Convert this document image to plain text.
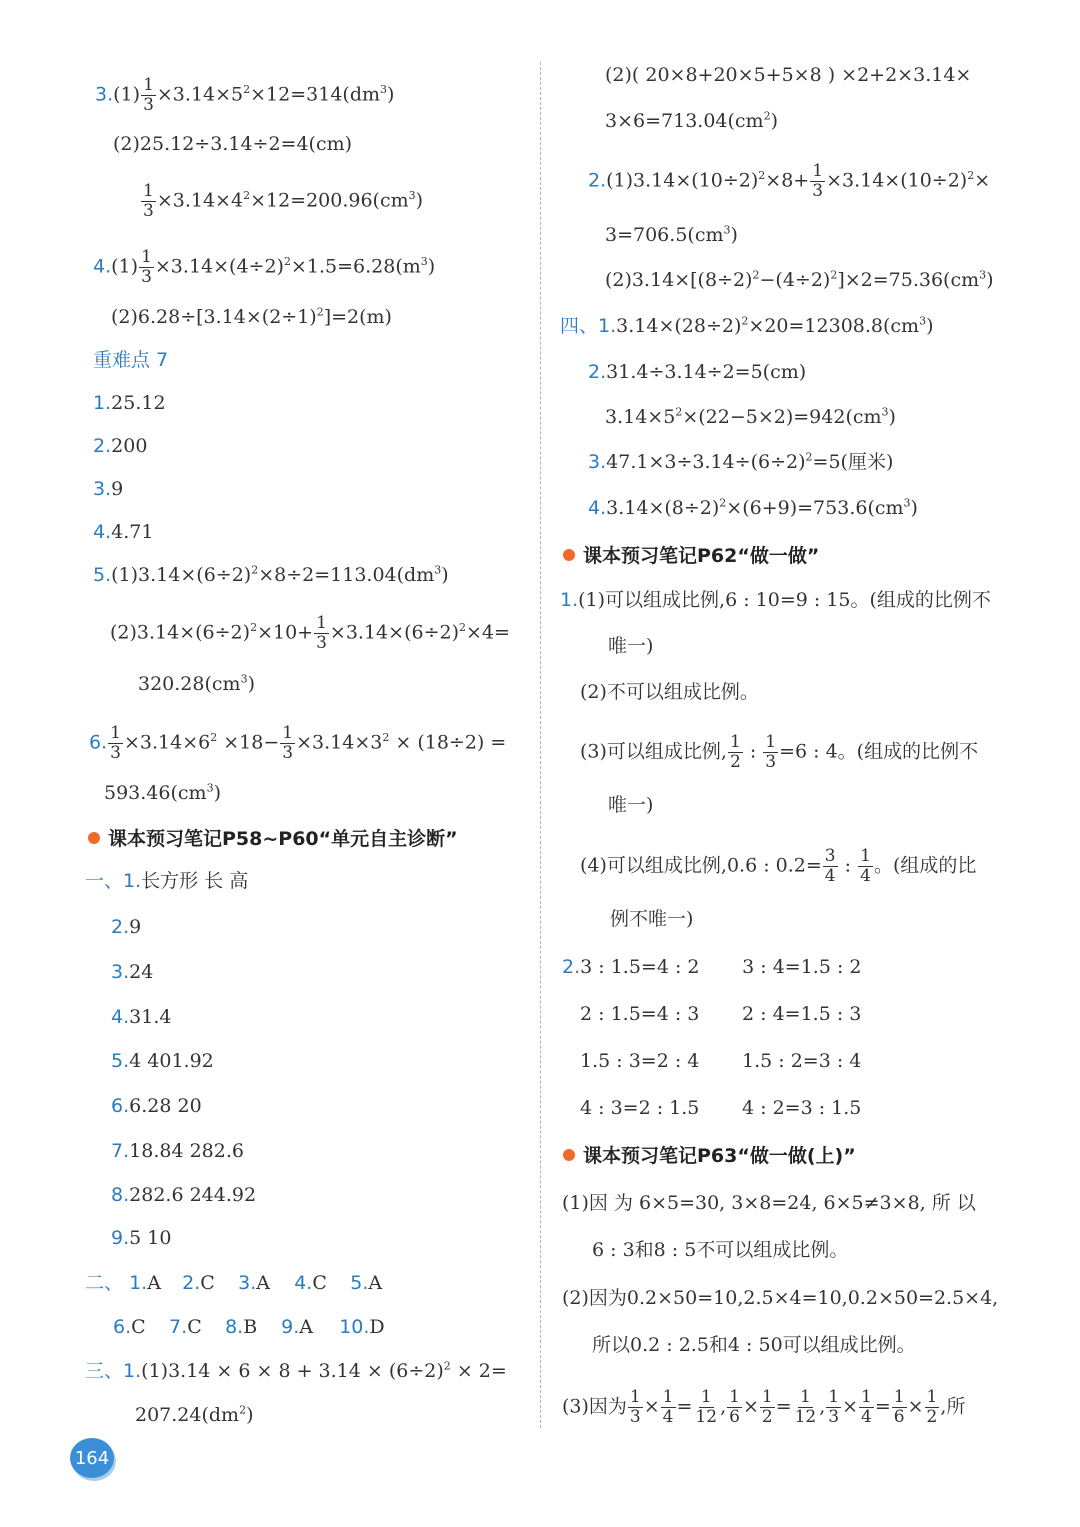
$3.(1) \frac{1}{3} \times 3.14\times 5^2\times 12=314(dm^3)$
(2)25.12÷3.14÷2=4(cm)
$\frac{1}{3} \times 3.14\times 4^2\times 12=200.96(cm^3)$
$4.(1) \frac{1}{3} \times 3.14\times(4\div 2)^2\times 1.5=6.28(m^3)$
$(2)6.28\div[3.14\times(2\div 1)^2]=2(m)$
重难点 7
1.25.12
2.200
3.9
4.4.71
$5.(1)3.14\times(6\div 2)^2\times 8\div 2=113.04(dm^3)$
$(2)3.14\times(6\div 2)^2\times 10+ \frac{1}{3} \times 3.14\times(6\div 2)^2\times 4=$
$320.28(cm^3)$
6. $\frac{1}{3} \times 3.14\times 6^2 \times 18- \frac{1}{3} \times 3.14\times 3^2 \times (18\div 2)$ =
$593.46(cm^3)$
课本预习笔记P58~P60“单元自主诊断”
一、1.长方形 长 高
2.9
3.24
4.31.4
5.4 401.92
6.6.28 20
7.18.84 282.6
8.282.6 244.92
9.5 10
二、 1.A 2.C 3.A 4.C 5.A
6.C 7.C 8.B 9.A 10.D
三、$1.(1)3.14 \times 6 \times 8 + 3.14 \times (6\div 2)^2 \times 2=$
$207.24(dm^2)$
164
(2)( 20×8+20×5+5×8 ) ×2+2×3.14×
$3\times 6=713.04(cm^2)$
$2.(1)3.14\times(10\div 2)^2\times 8+ \frac{1}{3} \times 3.14\times(10\div 2)^2\times$
$3=706.5(cm^3)$
$(2)3.14\times[(8\div 2)^2-(4\div 2)^2]\times 2=75.36(cm^3)$
四、$1.3.14\times(28\div 2)^2\times 20=12308.8(cm^3)$
2.31.4÷3.14÷2=5(cm)
$3.14\times 5^2\times(22-5\times 2)=942(cm^3)$
$3.47.1\times 3\div 3.14\div(6\div 2)^2=5$(厘米)
$4.3.14\times(8\div 2)^2\times(6+9)=753.6(cm^3)$
课本预习笔记P62“做一做”
1.(1)可以组成比例,6 : 10=9 : 15。(组成的比例不
唯一)
(2)不可以组成比例。
(3)可以组成比例, $\frac{1}{2}$ : $\frac{1}{3} =6$ : 4。(组成的比例不
唯一)
(4)可以组成比例,0.6 : $0.2= \frac{3}{4}$ : $\frac{1}{4}$ 。(组成的比
例不唯一)
2.3 : 1.5=4 : 2 3 : 4=1.5 : 2
2 : 1.5=4 : 3 2 : 4=1.5 : 3
1.5 : 3=2 : 4 1.5 : 2=3 : 4
4 : 3=2 : 1.5 4 : 2=3 : 1.5
课本预习笔记P63“做一做(上)”
(1)因 为 6×5=30, 3×8=24, 6×5≠3×8, 所 以
6 : 3和8 : 5不可以组成比例。
(2)因为0.2×50=10,2.5×4=10,0.2×50=2.5×4,
所以0.2 : 2.5和4 : 50可以组成比例。
(3)因为 $\frac{1}{3} \times \frac{1}{4} = \frac{1}{12}$ , $\frac{1}{6} \times \frac{1}{2} = \frac{1}{12}$ , $\frac{1}{3} \times \frac{1}{4} = \frac{1}{6} \times \frac{1}{2}$ ,所
